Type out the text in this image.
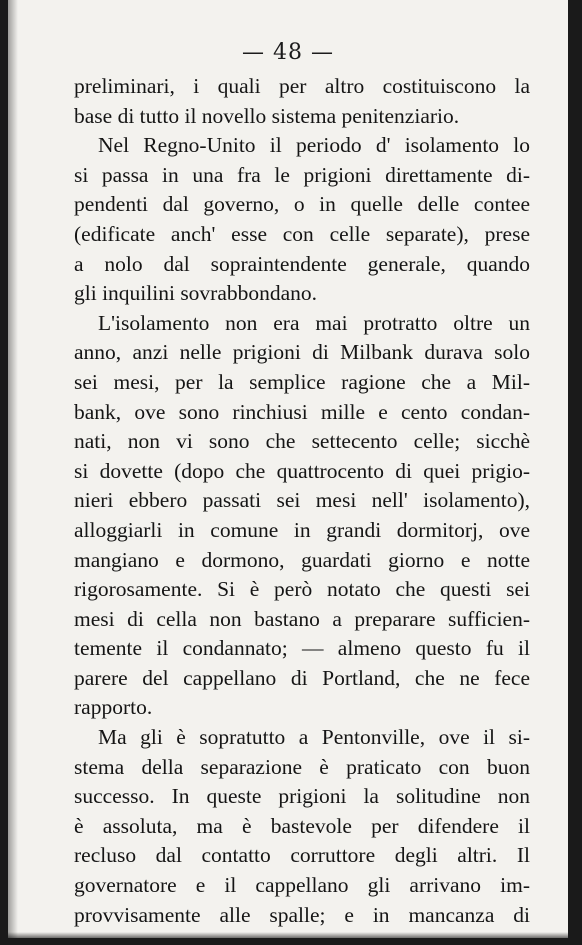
— 48 —
preliminari, i quali per altro costituiscono la
base di tutto il novello sistema penitenziario.
Nel Regno-Unito il periodo d' isolamento lo
si passa in una fra le prigioni direttamente di-
pendenti dal governo, o in quelle delle contee
(edificate anch' esse con celle separate), prese
a nolo dal sopraintendente generale, quando
gli inquilini sovrabbondano.
L'isolamento non era mai protratto oltre un
anno, anzi nelle prigioni di Milbank durava solo
sei mesi, per la semplice ragione che a Mil-
bank, ove sono rinchiusi mille e cento condan-
nati, non vi sono che settecento celle; sicchè
si dovette (dopo che quattrocento di quei prigio-
nieri ebbero passati sei mesi nell' isolamento),
alloggiarli in comune in grandi dormitorj, ove
mangiano e dormono, guardati giorno e notte
rigorosamente. Si è però notato che questi sei
mesi di cella non bastano a preparare sufficien-
temente il condannato; — almeno questo fu il
parere del cappellano di Portland, che ne fece
rapporto.
Ma gli è sopratutto a Pentonville, ove il si-
stema della separazione è praticato con buon
successo. In queste prigioni la solitudine non
è assoluta, ma è bastevole per difendere il
recluso dal contatto corruttore degli altri. Il
governatore e il cappellano gli arrivano im-
provvisamente alle spalle; e in mancanza di
